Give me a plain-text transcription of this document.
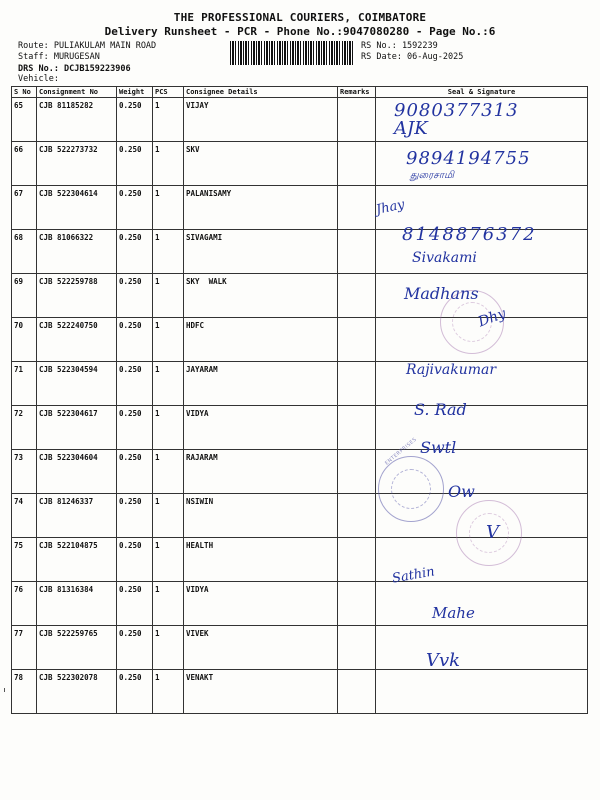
THE PROFESSIONAL COURIERS, COIMBATORE
Delivery Runsheet - PCR - Phone No.:9047080280 - Page No.:6
Route: PULIAKULAM MAIN ROAD
Staff: MURUGESAN
DRS No.: DCJB159223906
Vehicle:
RS No.: 1592239
RS Date: 06-Aug-2025
S No	Consignment No	Weight	PCS	Consignee Details	Remarks	Seal & Signature
65	CJB 81185282	0.250	1	VIJAY		
66	CJB 522273732	0.250	1	SKV		
67	CJB 522304614	0.250	1	PALANISAMY		
68	CJB 81066322	0.250	1	SIVAGAMI		
69	CJB 522259788	0.250	1	SKY  WALK		
70	CJB 522240750	0.250	1	HDFC		
71	CJB 522304594	0.250	1	JAYARAM		
72	CJB 522304617	0.250	1	VIDYA		
73	CJB 522304604	0.250	1	RAJARAM		
74	CJB 81246337	0.250	1	NSIWIN		
75	CJB 522104875	0.250	1	HEALTH		
76	CJB 81316384	0.250	1	VIDYA		
77	CJB 522259765	0.250	1	VIVEK		
78	CJB 522302078	0.250	1	VENAKT		
ENTERPRISES
9080377313
AJK
9894194755
துரைசாமி
Jhay
8148876372
Sivakami
Madhans
Dhy
Rajivakumar
S. Rad
Swtl
Ow
V
Sathin
Mahe
Vvk
